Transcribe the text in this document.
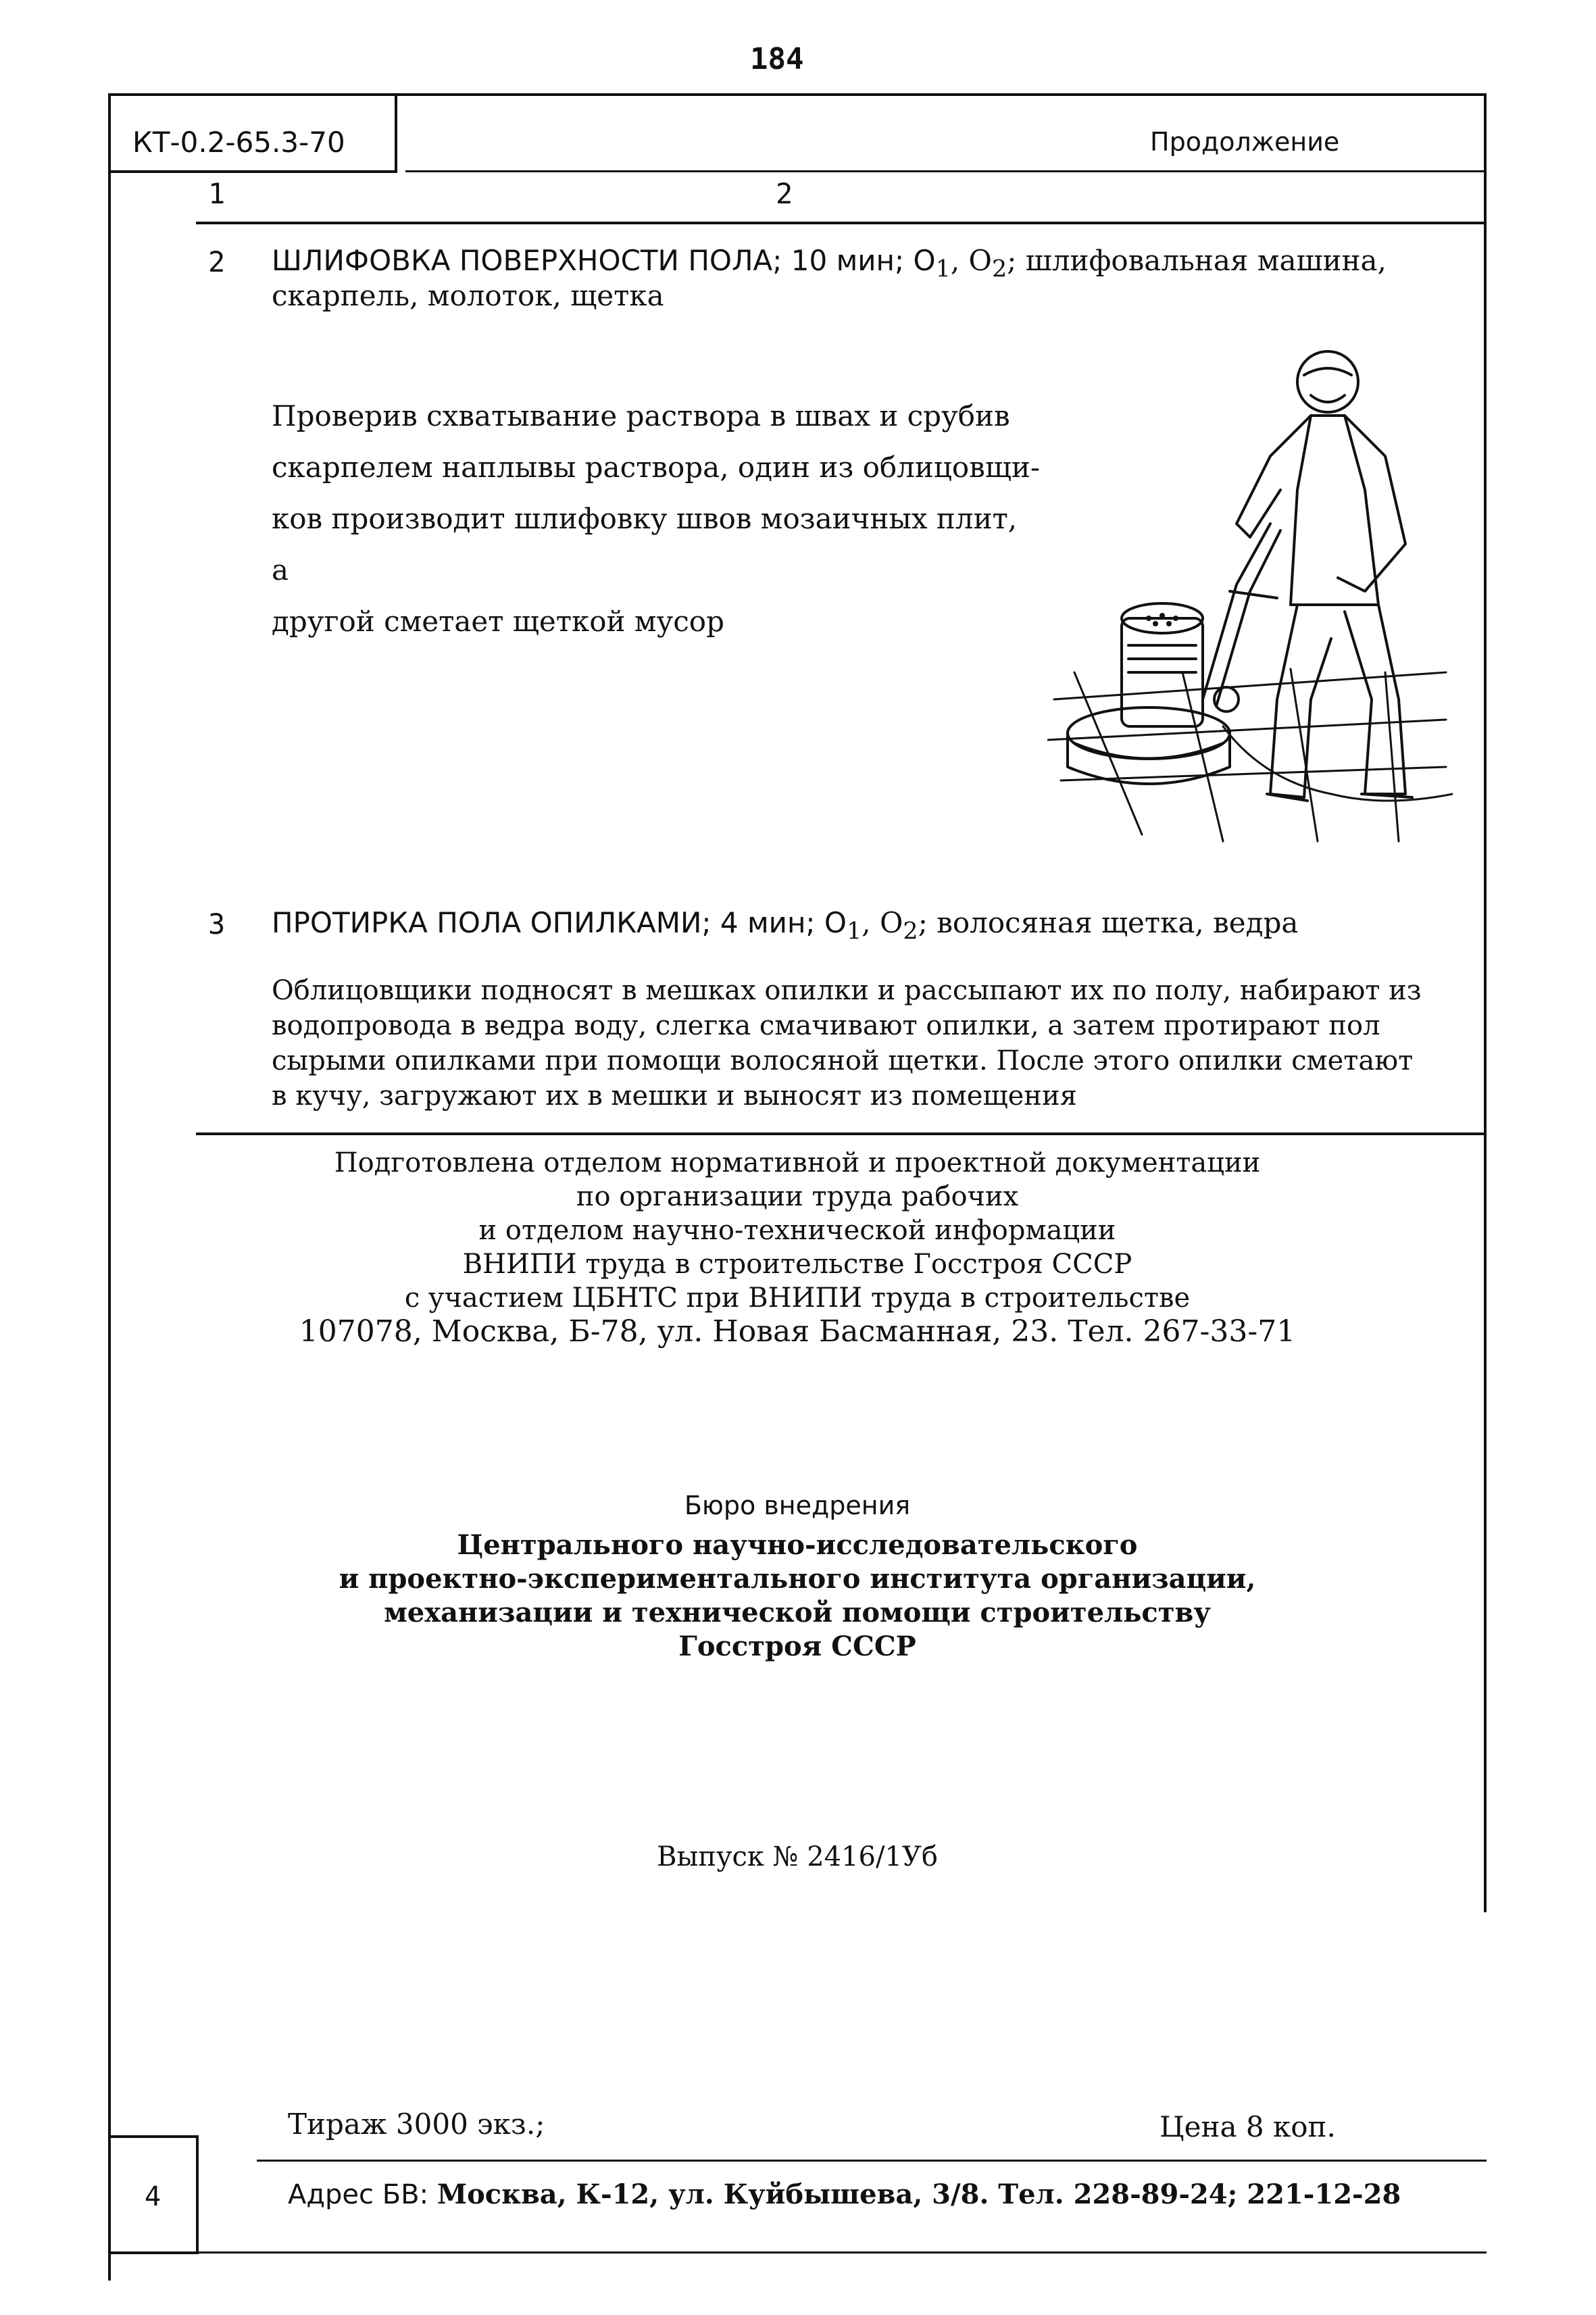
184
КТ-0.2-65.3-70	Продолжение
1	2
2 ШЛИФОВКА ПОВЕРХНОСТИ ПОЛА; 10 мин; $О_1$, $О_2$; шлифовальная машина,
скарпель, молоток, щетка
Проверив схватывание раствора в швах и срубив
скарпелем наплывы раствора, один из облицовщи-
ков производит шлифовку швов мозаичных плит, а
другой сметает щеткой мусор
3 ПРОТИРКА ПОЛА ОПИЛКАМИ; 4 мин; $О_1$, $О_2$; волосяная щетка, ведра
Облицовщики подносят в мешках опилки и рассыпают их по полу, набирают из
водопровода в ведра воду, слегка смачивают опилки, а затем протирают пол
сырыми опилками при помощи волосяной щетки. После этого опилки сметают
в кучу, загружают их в мешки и выносят из помещения
Подготовлена отделом нормативной и проектной документации
по организации труда рабочих
и отделом научно-технической информации
ВНИПИ труда в строительстве Госстроя СССР
с участием ЦБНТС при ВНИПИ труда в строительстве
107078, Москва, Б-78, ул. Новая Басманная, 23. Тел. 267-33-71
Бюро внедрения
Центрального научно-исследовательского
и проектно-экспериментального института организации,
механизации и технической помощи строительству
Госстроя СССР
Выпуск № 2416/1Уб
Тираж 3000 экз.;	Цена 8 коп.
Адрес БВ: Москва, К-12, ул. Куйбышева, 3/8. Тел. 228-89-24; 221-12-28
4
